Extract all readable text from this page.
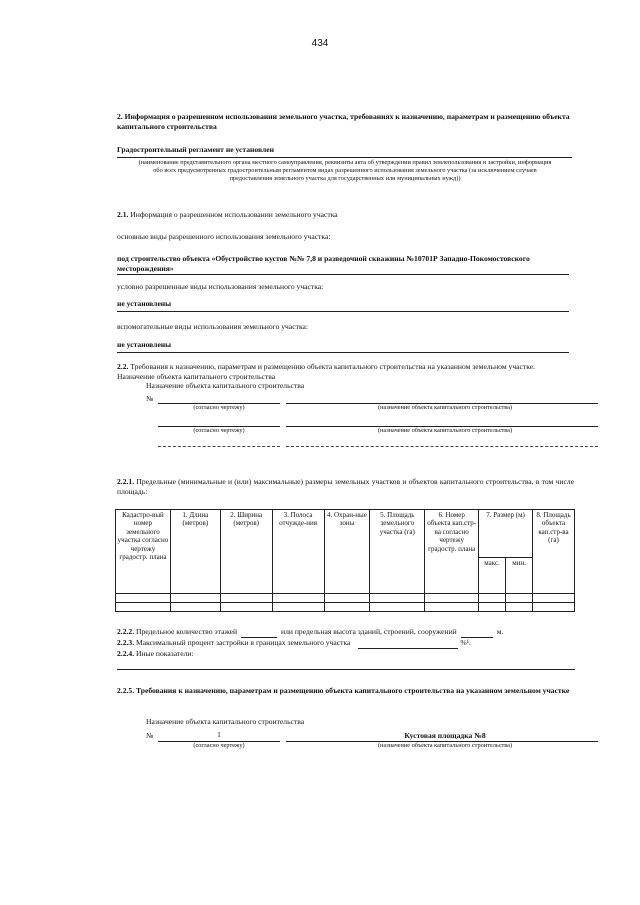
434
2. Информация о разрешенном использовании земельного участка, требованиях к назначению, параметрам и размещению объекта капитального строительства
Градостроительный регламент не установлен
(наименование представительного органа местного самоуправления, реквизиты акта об утверждении правил землепользования и застройки, информация обо всех предусмотренных градостроительным регламентом видах разрешенного использования земельного участка (за исключением случаев предоставления земельного участка для государственных или муниципальных нужд))
2.1. Информация о разрешенном использовании земельного участка
основные виды разрешенного использования земельного участка:
под строительство объекта «Обустройство кустов №№ 7,8 и разведочной скважины №10701Р Западно-Покомостовского месторождения»
условно разрешенные виды использования земельного участка:
не установлены
вспомогательные виды использования земельного участка:
не установлены
2.2. Требования к назначению, параметрам и размещению объекта капитального строительства на указанном земельном участке. Назначение объекта капитального строительства
Назначение объекта капитального строительства
№
(согласно чертежу)	(назначение объекта капитального строительства)
(согласно чертежу)	(назначение объекта капитального строительства)
2.2.1. Предельные (минимальные и (или) максимальные) размеры земельных участков и объектов капитального строительства, в том числе площадь:
Кадастро-вый номер земельного участка согласно чертежу градостр. плана	1. Длина (метров)	2. Ширина (метров)	3. Полоса отчужде-ния	4. Охран-ные зоны	5. Площадь земельного участка (га)	6. Номер объекта кап.стр-ва согласно чертежу градостр. плана	7. Размер (м)		8. Площадь объекта кап.стр-ва (га)
							макс.	мин.	

2.2.2. Предельное количество этажей	или предельная высота зданий, строений, сооружений	м.
2.2.3. Максимальный процент застройки в границах земельного участка	%¹.
2.2.4. Иные показатели:
2.2.5. Требования к назначению, параметрам и размещению объекта капитального строительства на указанном земельном участке
Назначение объекта капитального строительства
№	1	Кустовая площадка №8
(согласно чертежу)	(назначение объекта капитального строительства)
